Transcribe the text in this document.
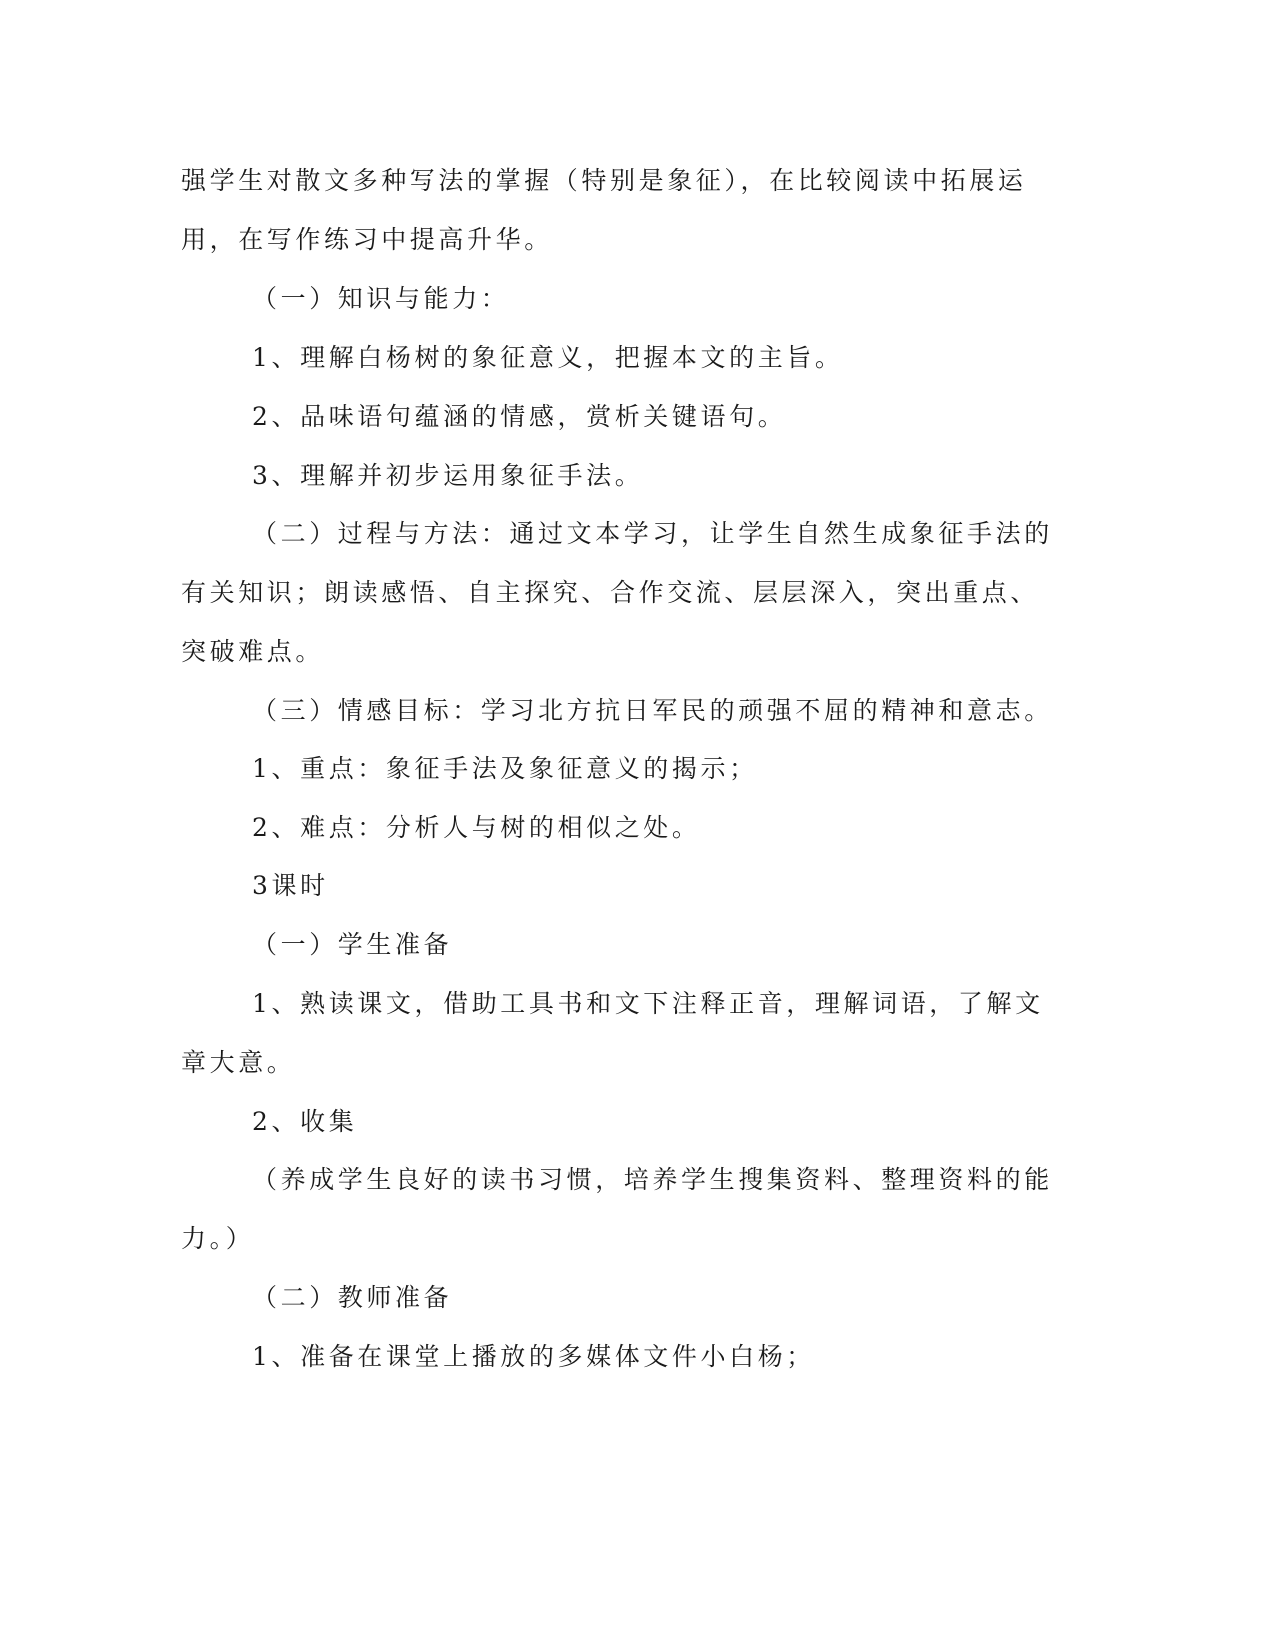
强学生对散文多种写法的掌握（特别是象征），在比较阅读中拓展运
用，在写作练习中提高升华。
（一）知识与能力：
1、理解白杨树的象征意义，把握本文的主旨。
2、品味语句蕴涵的情感，赏析关键语句。
3、理解并初步运用象征手法。
（二）过程与方法：通过文本学习，让学生自然生成象征手法的
有关知识；朗读感悟、自主探究、合作交流、层层深入，突出重点、
突破难点。
（三）情感目标：学习北方抗日军民的顽强不屈的精神和意志。
1、重点：象征手法及象征意义的揭示；
2、难点：分析人与树的相似之处。
3课时
（一）学生准备
1、熟读课文，借助工具书和文下注释正音，理解词语，了解文
章大意。
2、收集
（养成学生良好的读书习惯，培养学生搜集资料、整理资料的能
力。）
（二）教师准备
1、准备在课堂上播放的多媒体文件小白杨；
